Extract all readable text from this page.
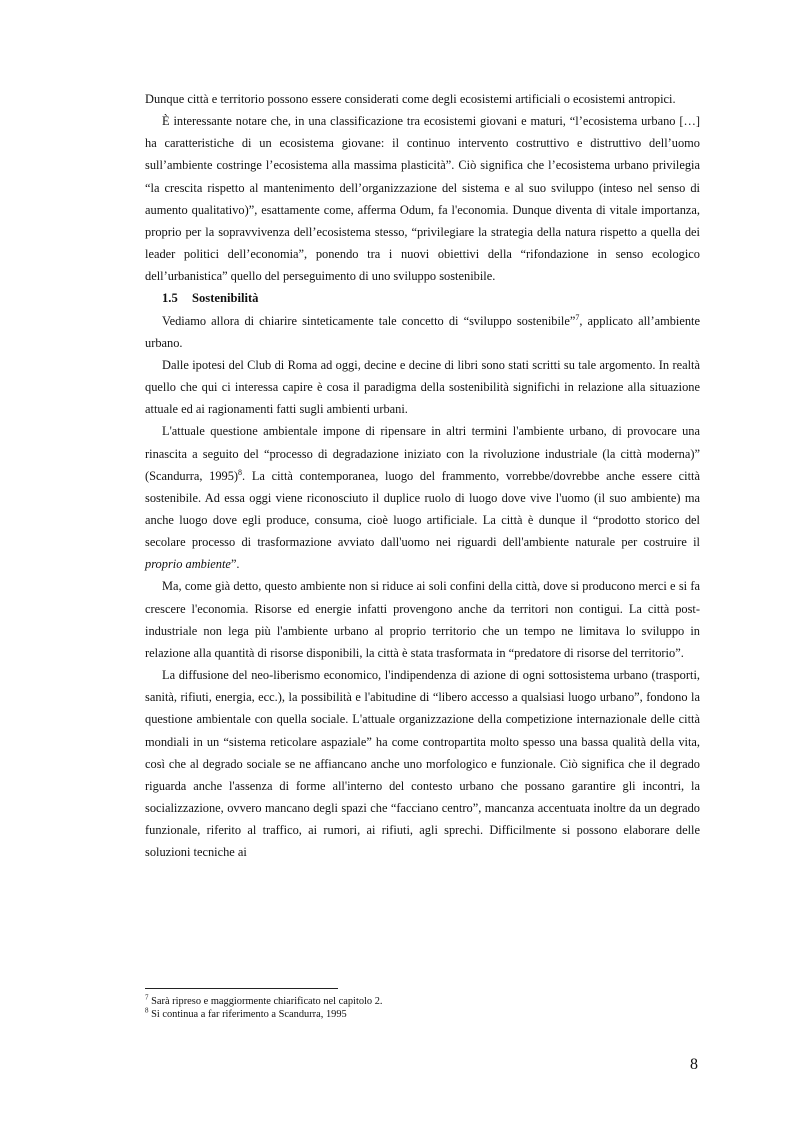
Dunque città e territorio possono essere considerati come degli ecosistemi artificiali o ecosistemi antropici.

È interessante notare che, in una classificazione tra ecosistemi giovani e maturi, “l’ecosistema urbano […] ha caratteristiche di un ecosistema giovane: il continuo intervento costruttivo e distruttivo dell’uomo sull’ambiente costringe l’ecosistema alla massima plasticità”. Ciò significa che l’ecosistema urbano privilegia “la crescita rispetto al mantenimento dell’organizzazione del sistema e al suo sviluppo (inteso nel senso di aumento qualitativo)”, esattamente come, afferma Odum, fa l'economia. Dunque diventa di vitale importanza, proprio per la sopravvivenza dell’ecosistema stesso, “privilegiare la strategia della natura rispetto a quella dei leader politici dell’economia”, ponendo tra i nuovi obiettivi della “rifondazione in senso ecologico dell’urbanistica” quello del perseguimento di uno sviluppo sostenibile.

1.5 Sostenibilità

Vediamo allora di chiarire sinteticamente tale concetto di “sviluppo sostenibile”$^7$, applicato all’ambiente urbano.

Dalle ipotesi del Club di Roma ad oggi, decine e decine di libri sono stati scritti su tale argomento. In realtà quello che qui ci interessa capire è cosa il paradigma della sostenibilità significhi in relazione alla situazione attuale ed ai ragionamenti fatti sugli ambienti urbani.

L'attuale questione ambientale impone di ripensare in altri termini l'ambiente urbano, di provocare una rinascita a seguito del “processo di degradazione iniziato con la rivoluzione industriale (la città moderna)” (Scandurra, 1995)$^8$. La città contemporanea, luogo del frammento, vorrebbe/dovrebbe anche essere città sostenibile. Ad essa oggi viene riconosciuto il duplice ruolo di luogo dove vive l'uomo (il suo ambiente) ma anche luogo dove egli produce, consuma, cioè luogo artificiale. La città è dunque il “prodotto storico del secolare processo di trasformazione avviato dall'uomo nei riguardi dell'ambiente naturale per costruire il proprio ambiente”.

Ma, come già detto, questo ambiente non si riduce ai soli confini della città, dove si producono merci e si fa crescere l'economia. Risorse ed energie infatti provengono anche da territori non contigui. La città post-industriale non lega più l'ambiente urbano al proprio territorio che un tempo ne limitava lo sviluppo in relazione alla quantità di risorse disponibili, la città è stata trasformata in “predatore di risorse del territorio”.

La diffusione del neo-liberismo economico, l'indipendenza di azione di ogni sottosistema urbano (trasporti, sanità, rifiuti, energia, ecc.), la possibilità e l'abitudine di “libero accesso a qualsiasi luogo urbano”, fondono la questione ambientale con quella sociale. L'attuale organizzazione della competizione internazionale delle città mondiali in un “sistema reticolare aspaziale” ha come contropartita molto spesso una bassa qualità della vita, così che al degrado sociale se ne affiancano anche uno morfologico e funzionale. Ciò significa che il degrado riguarda anche l'assenza di forme all'interno del contesto urbano che possano garantire gli incontri, la socializzazione, ovvero mancano degli spazi che “facciano centro”, mancanza accentuata inoltre da un degrado funzionale, riferito al traffico, ai rumori, ai rifiuti, agli sprechi. Difficilmente si possono elaborare delle soluzioni tecniche ai

$^7$ Sarà ripreso e maggiormente chiarificato nel capitolo 2.

$^8$ Si continua a far riferimento a Scandurra, 1995

8
